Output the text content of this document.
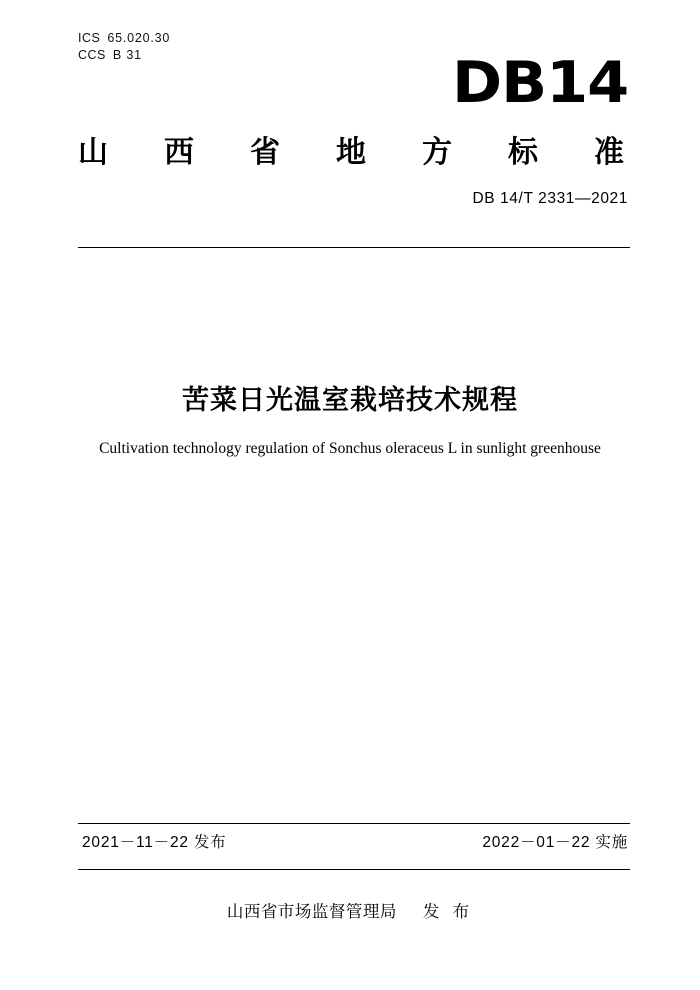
ICS 65.020.30
CCS B 31	DB14
山 西 省 地 方 标 准
DB 14/T 2331—2021
苦菜日光温室栽培技术规程
Cultivation technology regulation of Sonchus oleraceus L in sunlight greenhouse
2021－11－22 发布	2022－01－22 实施
山西省市场监督管理局 发 布
